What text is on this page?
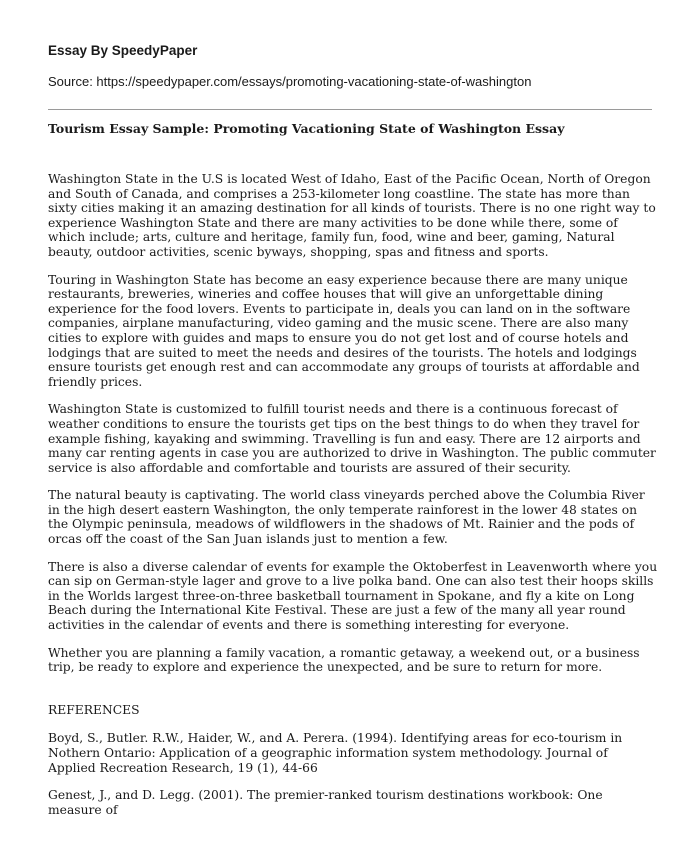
Essay By SpeedyPaper

Source: https://speedypaper.com/essays/promoting-vacationing-state-of-washington

Tourism Essay Sample: Promoting Vacationing State of Washington Essay

Washington State in the U.S is located West of Idaho, East of the Pacific Ocean, North of Oregon and South of Canada, and comprises a 253-kilometer long coastline. The state has more than sixty cities making it an amazing destination for all kinds of tourists. There is no one right way to experience Washington State and there are many activities to be done while there, some of which include; arts, culture and heritage, family fun, food, wine and beer, gaming, Natural beauty, outdoor activities, scenic byways, shopping, spas and fitness and sports.

Touring in Washington State has become an easy experience because there are many unique restaurants, breweries, wineries and coffee houses that will give an unforgettable dining experience for the food lovers. Events to participate in, deals you can land on in the software companies, airplane manufacturing, video gaming and the music scene. There are also many cities to explore with guides and maps to ensure you do not get lost and of course hotels and lodgings that are suited to meet the needs and desires of the tourists. The hotels and lodgings ensure tourists get enough rest and can accommodate any groups of tourists at affordable and friendly prices.

Washington State is customized to fulfill tourist needs and there is a continuous forecast of weather conditions to ensure the tourists get tips on the best things to do when they travel for example fishing, kayaking and swimming. Travelling is fun and easy. There are 12 airports and many car renting agents in case you are authorized to drive in Washington. The public commuter service is also affordable and comfortable and tourists are assured of their security.

The natural beauty is captivating. The world class vineyards perched above the Columbia River in the high desert eastern Washington, the only temperate rainforest in the lower 48 states on the Olympic peninsula, meadows of wildflowers in the shadows of Mt. Rainier and the pods of orcas off the coast of the San Juan islands just to mention a few.

There is also a diverse calendar of events for example the Oktoberfest in Leavenworth where you can sip on German-style lager and grove to a live polka band. One can also test their hoops skills in the Worlds largest three-on-three basketball tournament in Spokane, and fly a kite on Long Beach during the International Kite Festival. These are just a few of the many all year round activities in the calendar of events and there is something interesting for everyone.

Whether you are planning a family vacation, a romantic getaway, a weekend out, or a business trip, be ready to explore and experience the unexpected, and be sure to return for more.

REFERENCES

Boyd, S., Butler. R.W., Haider, W., and A. Perera. (1994). Identifying areas for eco-tourism in Nothern Ontario: Application of a geographic information system methodology. Journal of Applied Recreation Research, 19 (1), 44-66

Genest, J., and D. Legg. (2001). The premier-ranked tourism destinations workbook: One measure of
